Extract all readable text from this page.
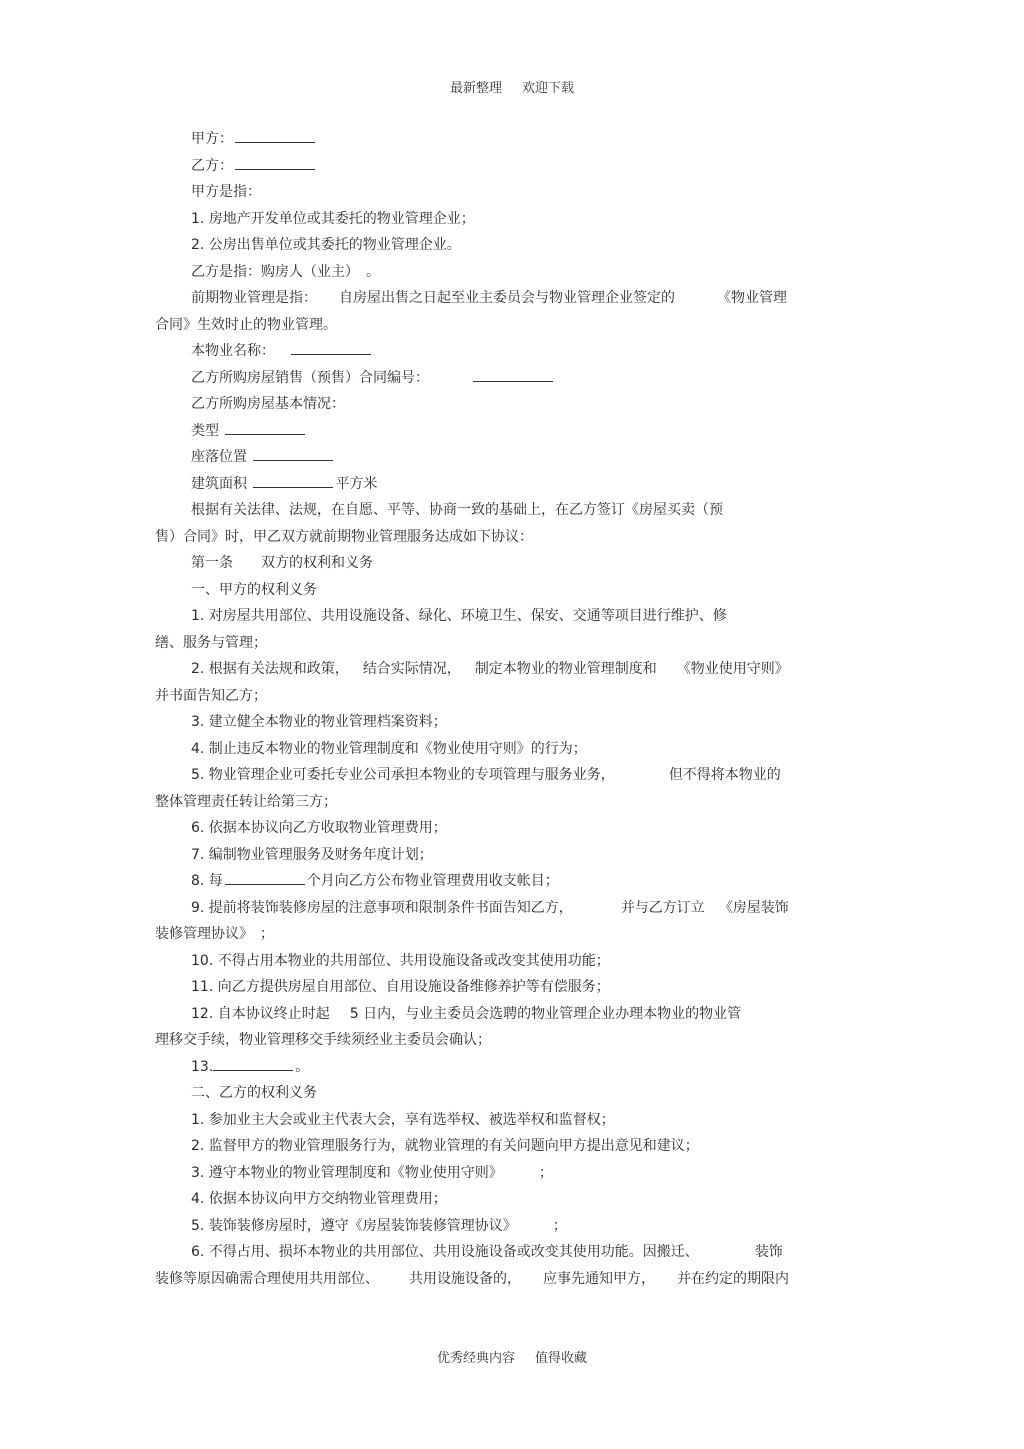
最新整理 欢迎下载
甲方：
乙方：
甲方是指：
1. 房地产开发单位或其委托的物业管理企业；
2. 公房出售单位或其委托的物业管理企业。
乙方是指：购房人（业主）　。
前期物业管理是指： 自房屋出售之日起至业主委员会与物业管理企业签定的	《物业管理
合同》生效时止的物业管理。
本物业名称：
乙方所购房屋销售（预售）合同编号：
乙方所购房屋基本情况：
类型
座落位置
建筑面积	平方米
根据有关法律、法规，在自愿、平等、协商一致的基础上，在乙方签订《房屋买卖（预
售）合同》时，甲乙双方就前期物业管理服务达成如下协议：
第一条 双方的权利和义务
一、甲方的权利义务
1. 对房屋共用部位、共用设施设备、绿化、环境卫生、保安、交通等项目进行维护、修
缮、服务与管理；
2. 根据有关法规和政策， 结合实际情况， 制定本物业的物业管理制度和 《物业使用守则》
并书面告知乙方；
3. 建立健全本物业的物业管理档案资料；
4. 制止违反本物业的物业管理制度和《物业使用守则》的行为；
5. 物业管理企业可委托专业公司承担本物业的专项管理与服务业务，	但不得将本物业的
整体管理责任转让给第三方；
6. 依据本协议向乙方收取物业管理费用；
7. 编制物业管理服务及财务年度计划；
8. 每	个月向乙方公布物业管理费用收支帐目；
9. 提前将装饰装修房屋的注意事项和限制条件书面告知乙方，	并与乙方订立 《房屋装饰
装修管理协议》　；
10. 不得占用本物业的共用部位、共用设施设备或改变其使用功能；
11. 向乙方提供房屋自用部位、自用设施设备维修养护等有偿服务；
12. 自本协议终止时起 5 日内，与业主委员会选聘的物业管理企业办理本物业的物业管
理移交手续，物业管理移交手续须经业主委员会确认；
13.	。
二、乙方的权利义务
1. 参加业主大会或业主代表大会，享有选举权、被选举权和监督权；
2. 监督甲方的物业管理服务行为，就物业管理的有关问题向甲方提出意见和建议；
3. 遵守本物业的物业管理制度和《物业使用守则》	；
4. 依据本协议向甲方交纳物业管理费用；
5. 装饰装修房屋时，遵守《房屋装饰装修管理协议》	；
6. 不得占用、损坏本物业的共用部位、共用设施设备或改变其使用功能。因搬迁、	装饰
装修等原因确需合理使用共用部位、 共用设施设备的， 应事先通知甲方， 并在约定的期限内
优秀经典内容 值得收藏
